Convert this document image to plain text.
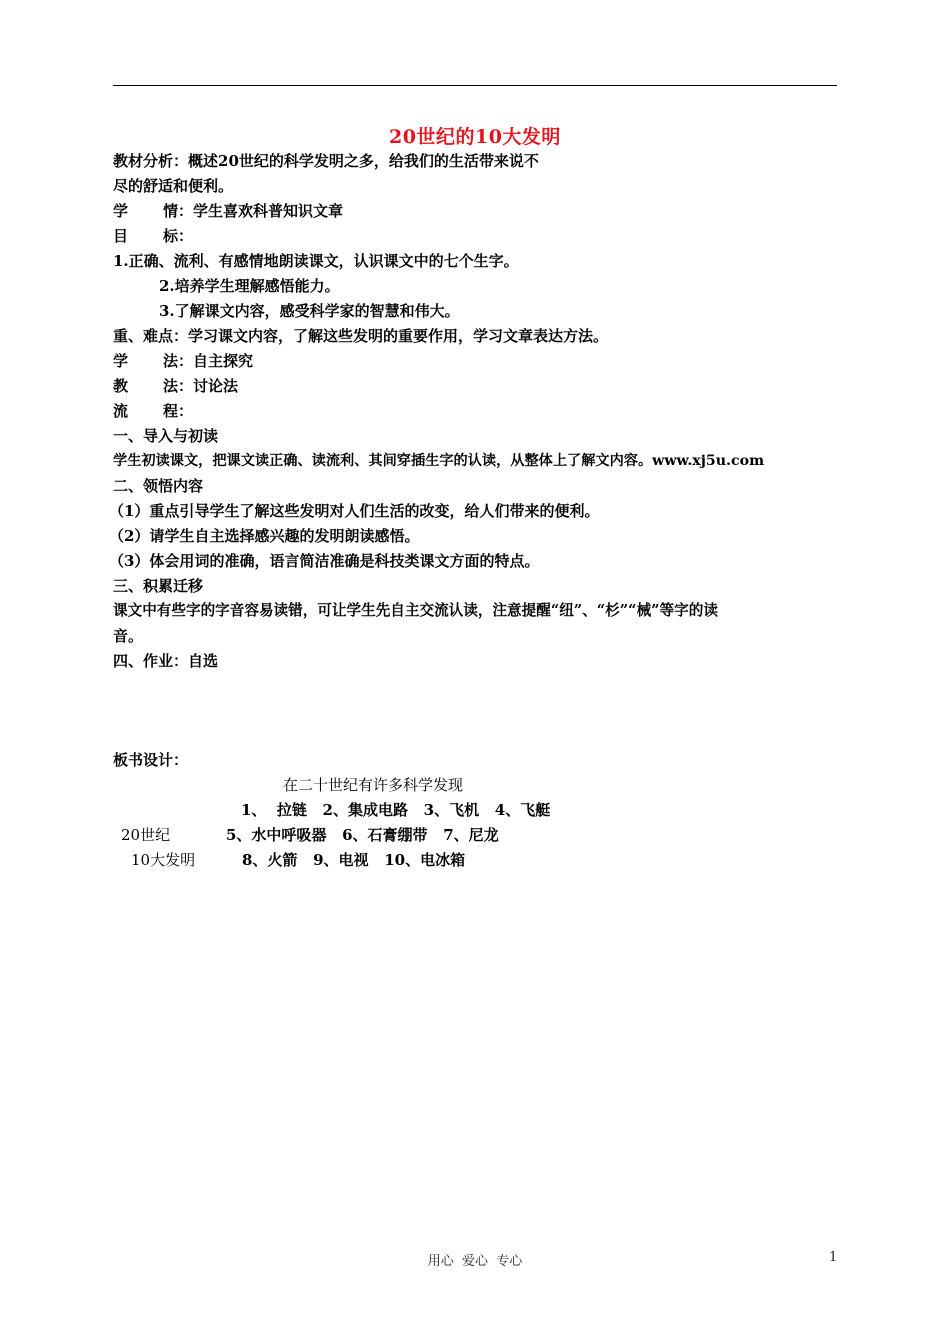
20世纪的10大发明
教材分析：概述20世纪的科学发明之多，给我们的生活带来说不
尽的舒适和便利。
学 情：学生喜欢科普知识文章
目 标：
1.正确、流利、有感情地朗读课文，认识课文中的七个生字。
2.培养学生理解感悟能力。
3.了解课文内容，感受科学家的智慧和伟大。
重、难点：学习课文内容，了解这些发明的重要作用，学习文章表达方法。
学 法：自主探究
教 法：讨论法
流 程：
一、导入与初读
学生初读课文，把课文读正确、读流利、其间穿插生字的认读，从整体上了解文内容。www.xj5u.com
二、领悟内容
（1）重点引导学生了解这些发明对人们生活的改变，给人们带来的便利。
（2）请学生自主选择感兴趣的发明朗读感悟。
（3）体会用词的准确，语言简洁准确是科技类课文方面的特点。
三、积累迁移
课文中有些字的字音容易读错，可让学生先自主交流认读，注意提醒“纽”、“杉”“械”等字的读
音。
四、作业：自选
板书设计：
在二十世纪有许多科学发现
1、  拉链   2、集成电路   3、飞机   4、飞艇
20世纪	5、水中呼吸器   6、石膏绷带   7、尼龙
10大发明	8、火箭   9、电视   10、电冰箱
用心  爱心  专心	1
